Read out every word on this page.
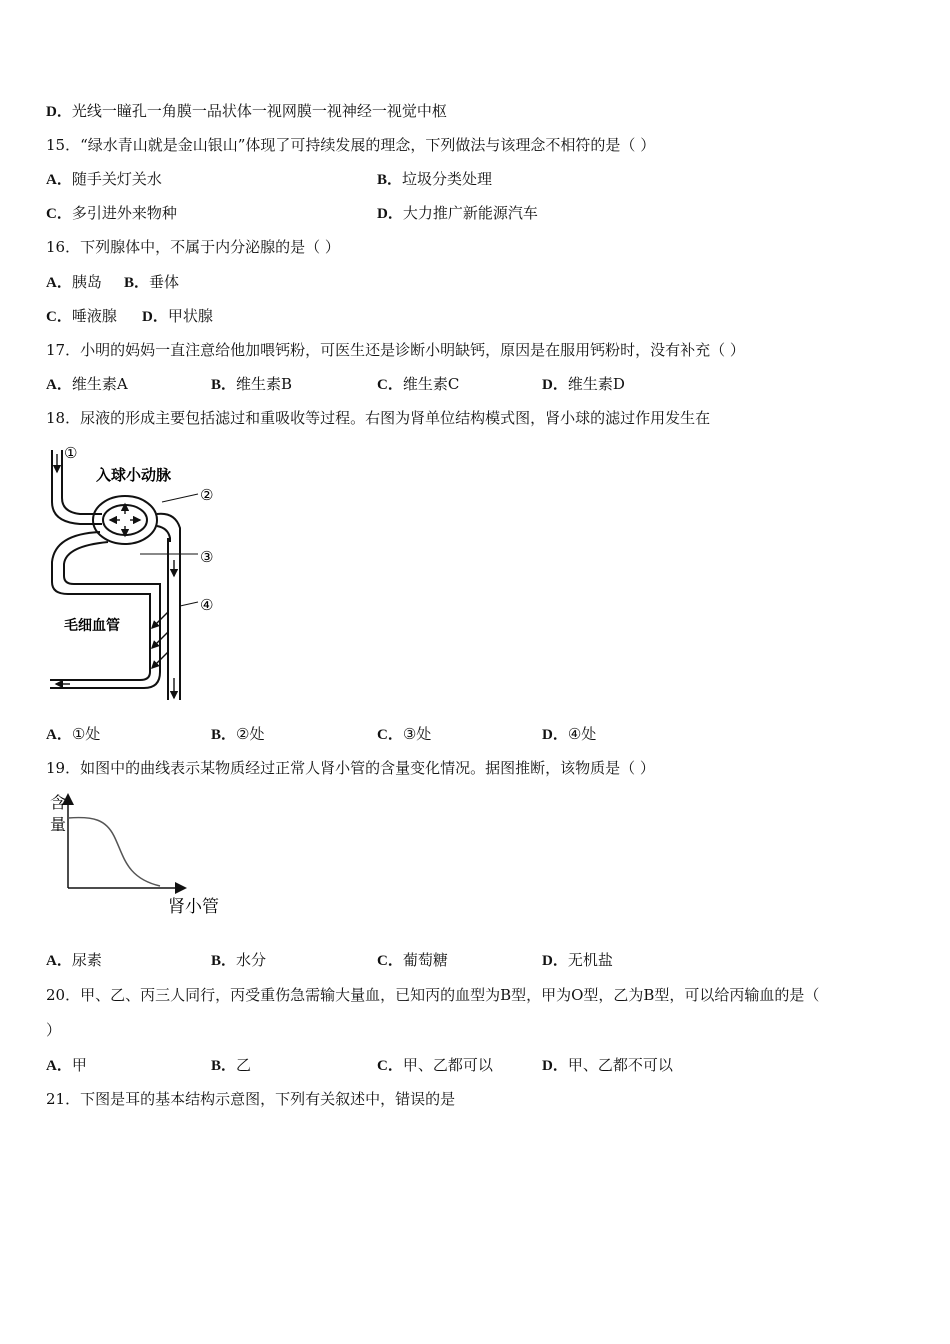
D．光线一瞳孔一角膜一品状体一视网膜一视神经一视觉中枢
15．“绿水青山就是金山银山”体现了可持续发展的理念，下列做法与该理念不相符的是（ ）
A．随手关灯关水	B．垃圾分类处理
C．多引进外来物种	D．大力推广新能源汽车
16．下列腺体中，不属于内分泌腺的是（ ）
A．胰岛 B．垂体
C．唾液腺 D．甲状腺
17．小明的妈妈一直注意给他加喂钙粉，可医生还是诊断小明缺钙，原因是在服用钙粉时，没有补充（ ）
A．维生素A	B．维生素B	C．维生素C	D．维生素D
18．尿液的形成主要包括滤过和重吸收等过程。右图为肾单位结构模式图，肾小球的滤过作用发生在
①
②
③
④
入球小动脉
毛细血管
A．①处	B．②处	C．③处	D．④处
19．如图中的曲线表示某物质经过正常人肾小管的含量变化情况。据图推断，该物质是（ ）
含
量
肾小管
A．尿素	B．水分	C．葡萄糖	D．无机盐
20．甲、乙、丙三人同行，丙受重伤急需输大量血，已知丙的血型为B型，甲为O型，乙为B型，可以给丙输血的是（
）
A．甲	B．乙	C．甲、乙都可以	D．甲、乙都不可以
21．下图是耳的基本结构示意图，下列有关叙述中，错误的是
